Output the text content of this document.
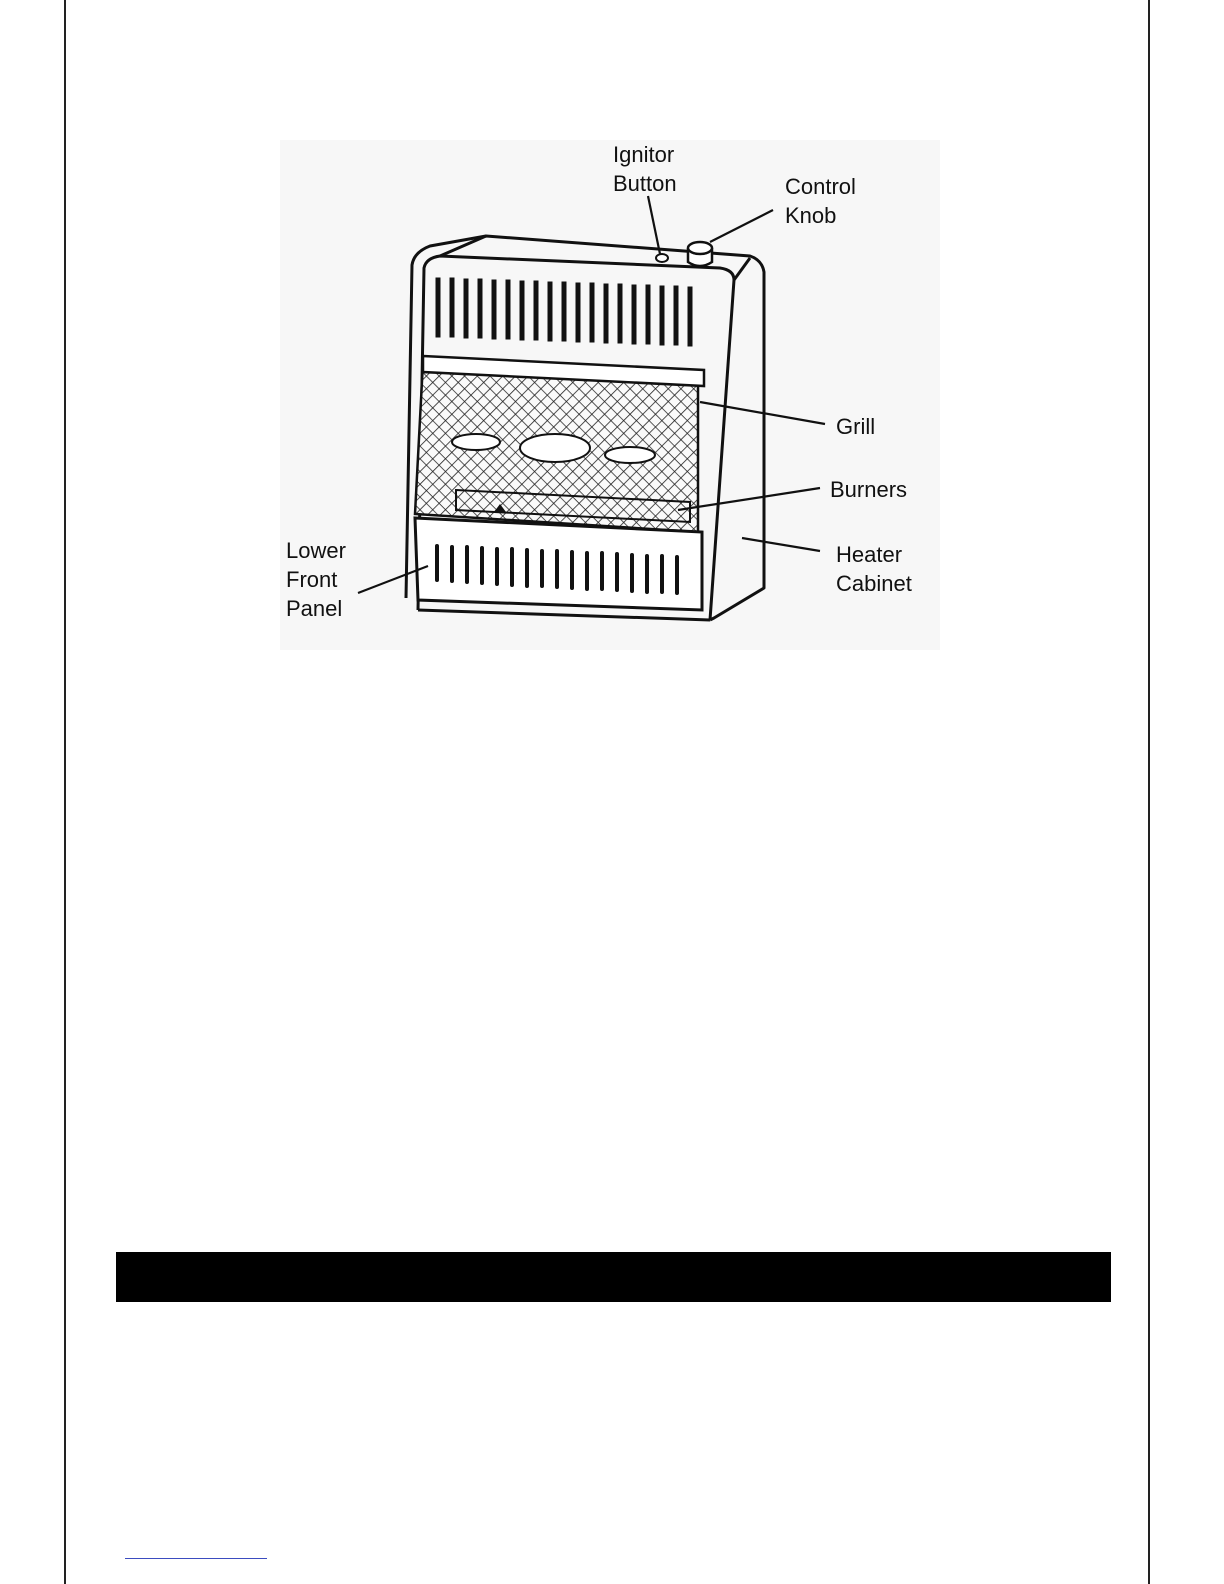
Ignitor
Button	Control
Knob
Grill
Burners
Heater
Cabinet
Lower
Front
Panel
